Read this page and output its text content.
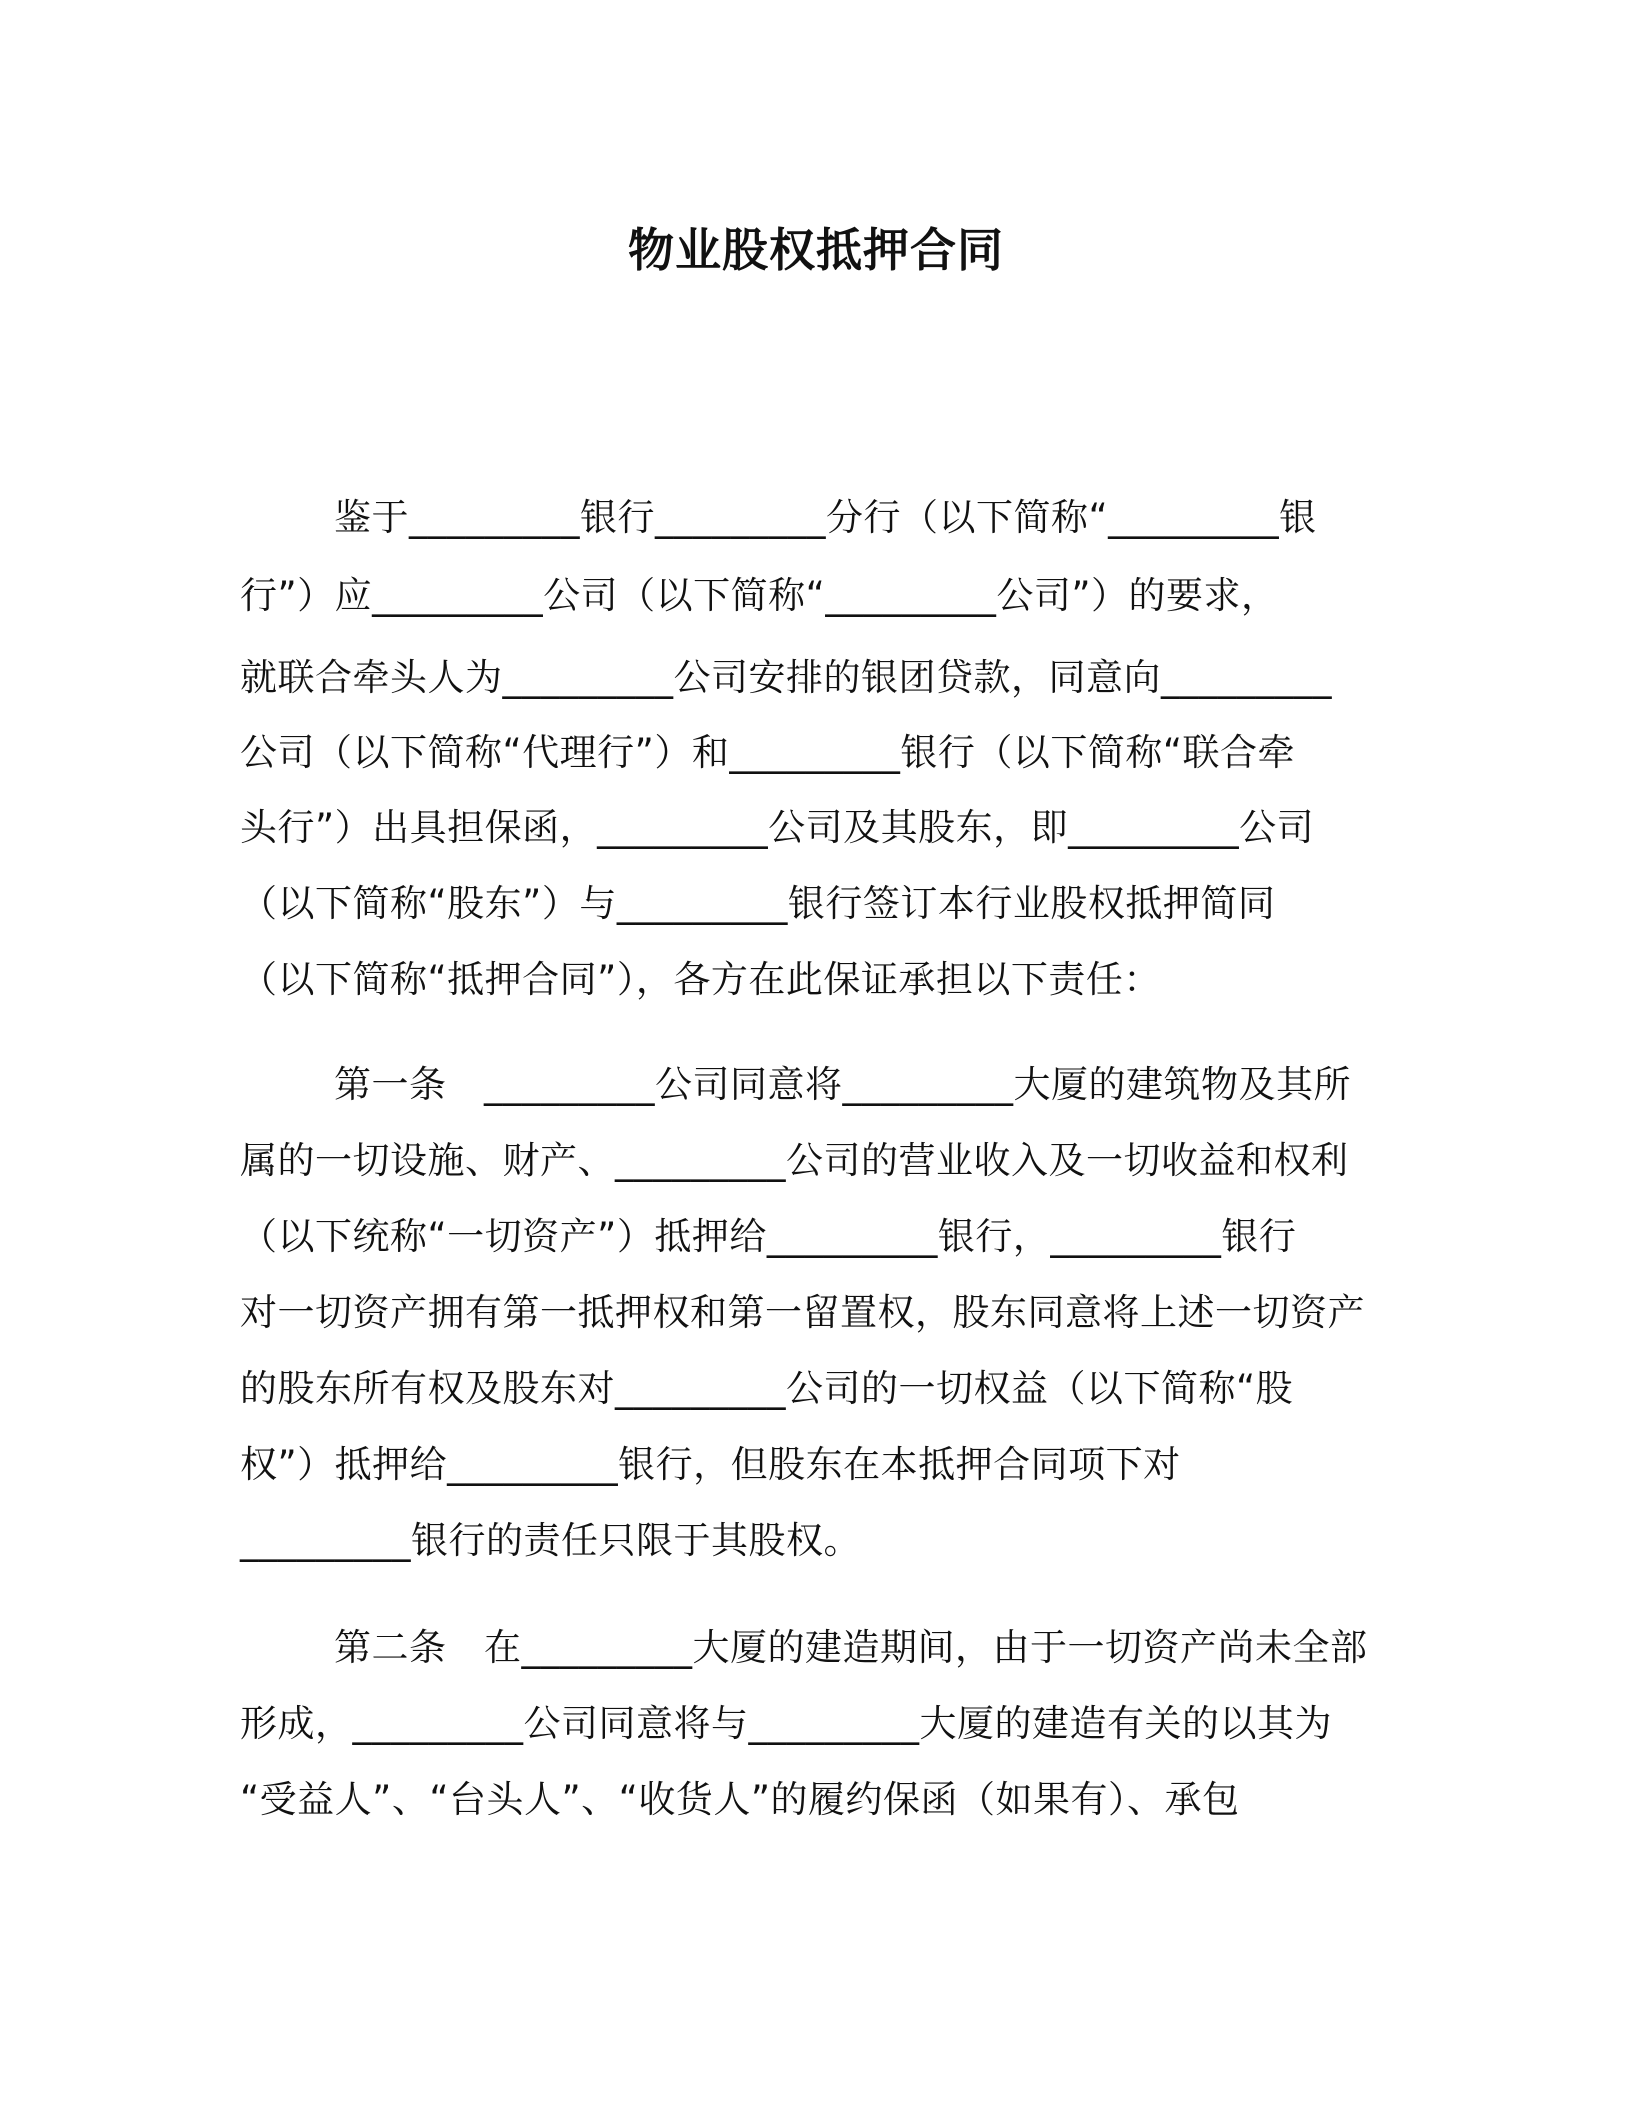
物业股权抵押合同
鉴于_________银行_________分行（以下简称“_________银
行”）应_________公司（以下简称“_________公司”）的要求，
就联合牵头人为_________公司安排的银团贷款，同意向_________
公司（以下简称“代理行”）和_________银行（以下简称“联合牵
头行”）出具担保函，_________公司及其股东，即_________公司
（以下简称“股东”）与_________银行签订本行业股权抵押简同
（以下简称“抵押合同”），各方在此保证承担以下责任：
第一条　_________公司同意将_________大厦的建筑物及其所
属的一切设施、财产、_________公司的营业收入及一切收益和权利
（以下统称“一切资产”）抵押给_________银行，_________银行
对一切资产拥有第一抵押权和第一留置权，股东同意将上述一切资产
的股东所有权及股东对_________公司的一切权益（以下简称“股
权”）抵押给_________银行，但股东在本抵押合同项下对
_________银行的责任只限于其股权。
第二条　在_________大厦的建造期间，由于一切资产尚未全部
形成，_________公司同意将与_________大厦的建造有关的以其为
“受益人”、“台头人”、“收货人”的履约保函（如果有）、承包
